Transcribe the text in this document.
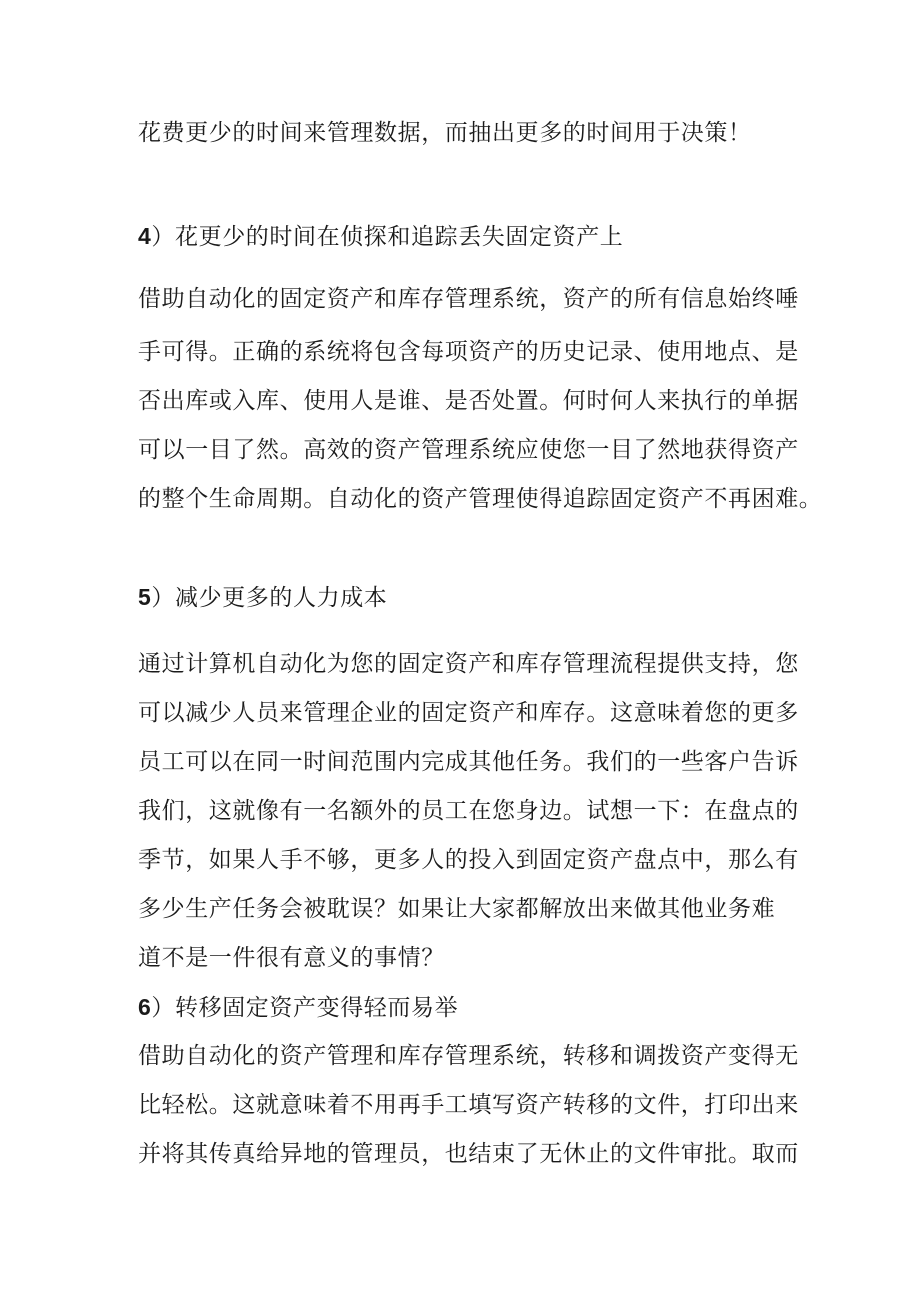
花费更少的时间来管理数据，而抽出更多的时间用于决策！

4）花更少的时间在侦探和追踪丢失固定资产上

借助自动化的固定资产和库存管理系统，资产的所有信息始终唾

手可得。正确的系统将包含每项资产的历史记录、使用地点、是

否出库或入库、使用人是谁、是否处置。何时何人来执行的单据

可以一目了然。高效的资产管理系统应使您一目了然地获得资产

的整个生命周期。自动化的资产管理使得追踪固定资产不再困难。

5）减少更多的人力成本

通过计算机自动化为您的固定资产和库存管理流程提供支持，您

可以减少人员来管理企业的固定资产和库存。这意味着您的更多

员工可以在同一时间范围内完成其他任务。我们的一些客户告诉

我们，这就像有一名额外的员工在您身边。试想一下：在盘点的

季节，如果人手不够，更多人的投入到固定资产盘点中，那么有

多少生产任务会被耽误？如果让大家都解放出来做其他业务难

道不是一件很有意义的事情？

6）转移固定资产变得轻而易举

借助自动化的资产管理和库存管理系统，转移和调拨资产变得无

比轻松。这就意味着不用再手工填写资产转移的文件，打印出来

并将其传真给异地的管理员，也结束了无休止的文件审批。取而
